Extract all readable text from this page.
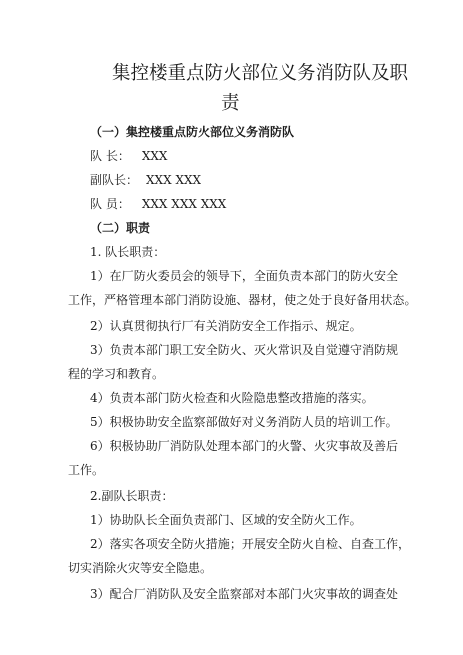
集控楼重点防火部位义务消防队及职
责
（一）集控楼重点防火部位义务消防队
队 长： XXX
副队长： XXX XXX
队 员： XXX XXX XXX
（二）职责
1. 队长职责：
1 ） 在 厂 防 火 委 员 会 的 领 导 下 ， 全 面 负 责 本 部 门 的 防 火 安 全
工 作 ， 严 格 管 理 本 部 门 消 防 设 施 、 器 材 ， 使 之 处 于 良 好 备 用 状 态 。
2）认真贯彻执行厂有关消防安全工作指示、规定。
3 ） 负 责 本 部 门 职 工 安 全 防 火 、 灭 火 常 识 及 自 觉 遵 守 消 防 规
程的学习和教育。
4）负责本部门防火检查和火险隐患整改措施的落实。
5）积极协助安全监察部做好对义务消防人员的培训工作。
6 ） 积 极 协 助 厂 消 防 队 处 理 本 部 门 的 火 警 、 火 灾 事 故 及 善 后
工作。
2.副队长职责：
1）协助队长全面负责部门、区域的安全防火工作。
2 ） 落 实 各 项 安 全 防 火 措 施 ； 开 展 安 全 防 火 自 检 、 自 查 工 作 ，
切实消除火灾等安全隐患。
3 ） 配 合 厂 消 防 队 及 安 全 监 察 部 对 本 部 门 火 灾 事 故 的 调 查 处
